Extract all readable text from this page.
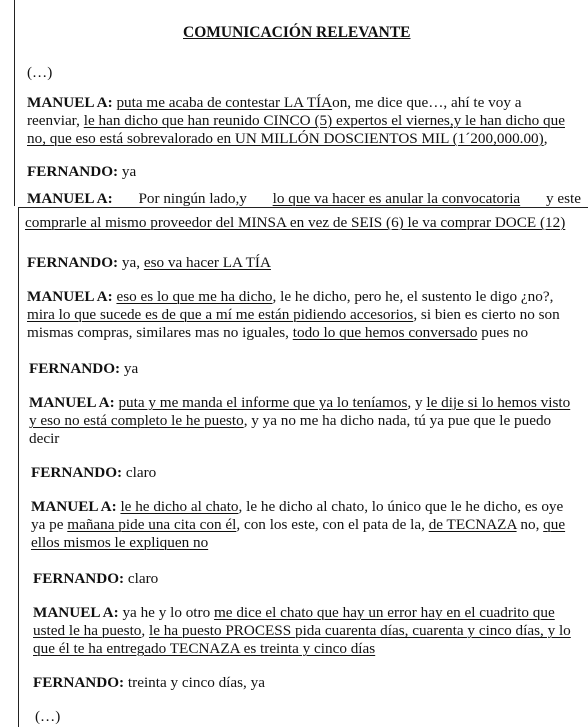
COMUNICACIÓN RELEVANTE
(…)
MANUEL A: puta me acaba de contestar LA TÍAon, me dice que…, ahí te voy a
reenviar, le han dicho que han reunido CINCO (5) expertos el viernes,y le han dicho que
no, que eso está sobrevalorado en UN MILLÓN DOSCIENTOS MIL (1´200,000.00),
FERNANDO: ya
MANUEL A: Por ningún lado,y lo que va hacer es anular la convocatoria y este
comprarle al mismo proveedor del MINSA en vez de SEIS (6) le va comprar DOCE (12)
FERNANDO: ya, eso va hacer LA TÍA
MANUEL A: eso es lo que me ha dicho, le he dicho, pero he, el sustento le digo ¿no?,
mira lo que sucede es de que a mí me están pidiendo accesorios, si bien es cierto no son
mismas compras, similares mas no iguales, todo lo que hemos conversado pues no
FERNANDO: ya
MANUEL A: puta y me manda el informe que ya lo teníamos, y le dije si lo hemos visto
y eso no está completo le he puesto, y ya no me ha dicho nada, tú ya pue que le puedo
decir
FERNANDO: claro
MANUEL A: le he dicho al chato, le he dicho al chato, lo único que le he dicho, es oye
ya pe mañana pide una cita con él, con los este, con el pata de la, de TECNAZA no, que
ellos mismos le expliquen no
FERNANDO: claro
MANUEL A: ya he y lo otro me dice el chato que hay un error hay en el cuadrito que
usted le ha puesto, le ha puesto PROCESS pida cuarenta días, cuarenta y cinco días, y lo
que él te ha entregado TECNAZA es treinta y cinco días
FERNANDO: treinta y cinco días, ya
(…)
